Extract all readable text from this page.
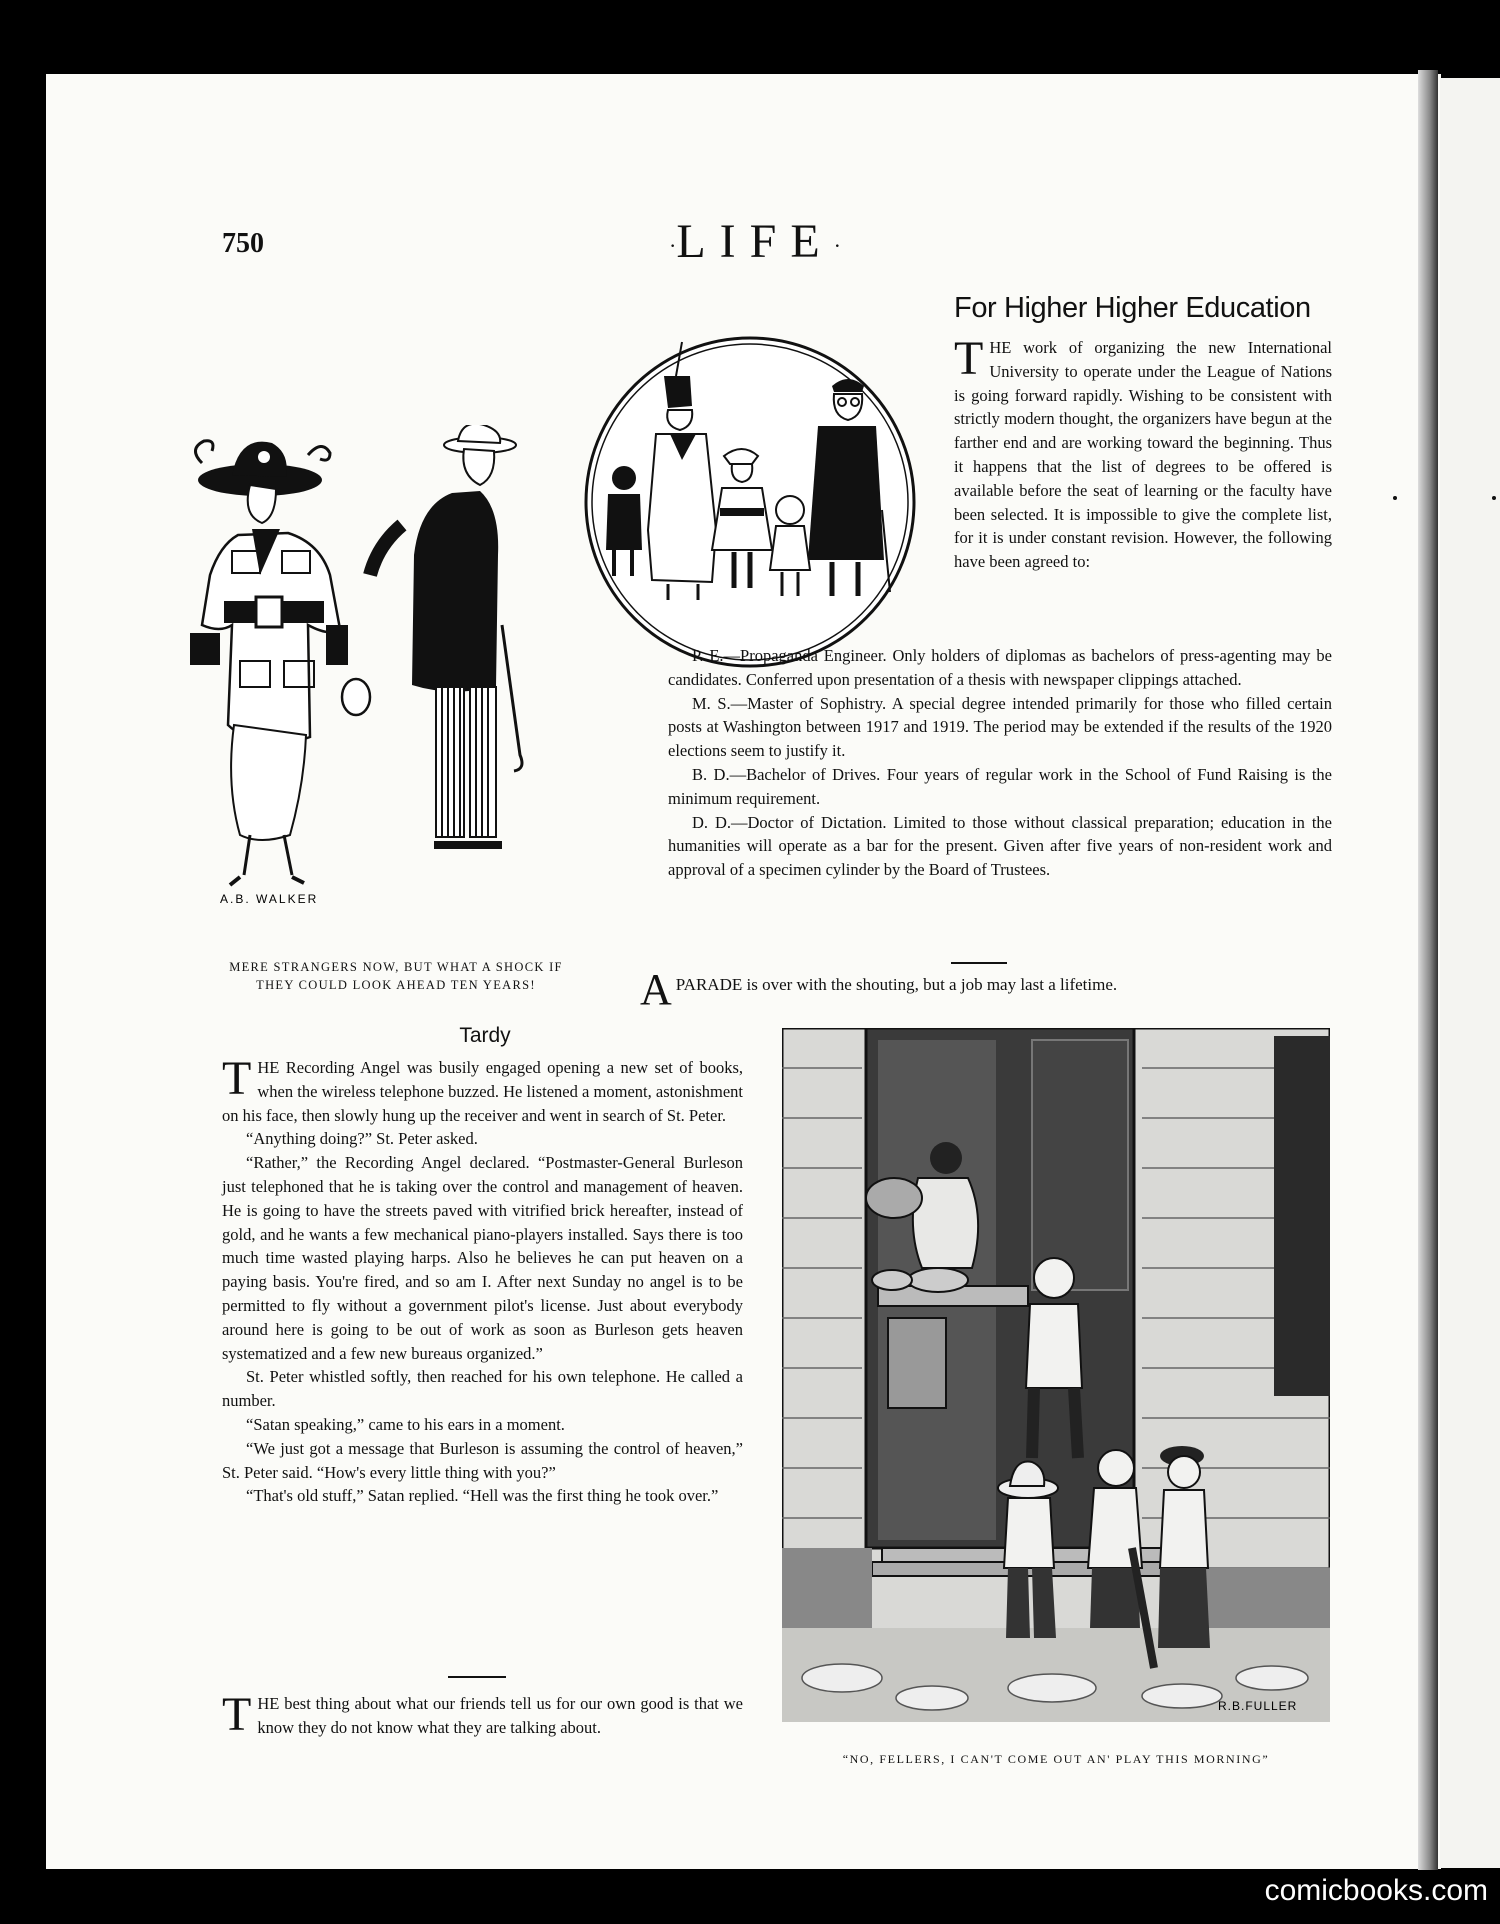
750	·LIFE·
A.B. WALKER
For Higher Higher Education

THE work of organizing the new International University to operate under the League of Nations is going forward rapidly. Wishing to be consistent with strictly modern thought, the organizers have begun at the farther end and are working toward the beginning. Thus it happens that the list of degrees to be offered is available before the seat of learning or the faculty have been selected. It is impossible to give the complete list, for it is under constant revision. However, the following have been agreed to:

P. E.—Propaganda Engineer. Only holders of diplomas as bachelors of press-agenting may be candidates. Conferred upon presentation of a thesis with newspaper clippings attached.

M. S.—Master of Sophistry. A special degree intended primarily for those who filled certain posts at Washington between 1917 and 1919. The period may be extended if the results of the 1920 elections seem to justify it.

B. D.—Bachelor of Drives. Four years of regular work in the School of Fund Raising is the minimum requirement.

D. D.—Doctor of Dictation. Limited to those without classical preparation; education in the humanities will operate as a bar for the present. Given after five years of non-resident work and approval of a specimen cylinder by the Board of Trustees.

APARADE is over with the shouting, but a job may last a lifetime.
MERE STRANGERS NOW, BUT WHAT A SHOCK IF
THEY COULD LOOK AHEAD TEN YEARS!
Tardy

THE Recording Angel was busily engaged opening a new set of books, when the wireless telephone buzzed. He listened a moment, astonishment on his face, then slowly hung up the receiver and went in search of St. Peter.

“Anything doing?” St. Peter asked.

“Rather,” the Recording Angel declared. “Postmaster-General Burleson just telephoned that he is taking over the control and management of heaven. He is going to have the streets paved with vitrified brick hereafter, instead of gold, and he wants a few mechanical piano-players installed. Says there is too much time wasted playing harps. Also he believes he can put heaven on a paying basis. You're fired, and so am I. After next Sunday no angel is to be permitted to fly without a government pilot's license. Just about everybody around here is going to be out of work as soon as Burleson gets heaven systematized and a few new bureaus organized.”

St. Peter whistled softly, then reached for his own telephone. He called a number.

“Satan speaking,” came to his ears in a moment.

“We just got a message that Burleson is assuming the control of heaven,” St. Peter said. “How's every little thing with you?”

“That's old stuff,” Satan replied. “Hell was the first thing he took over.”

THE best thing about what our friends tell us for our own good is that we know they do not know what they are talking about.

R.B.FULLER
“NO, FELLERS, I CAN'T COME OUT AN' PLAY THIS MORNING”
comicbooks.com
